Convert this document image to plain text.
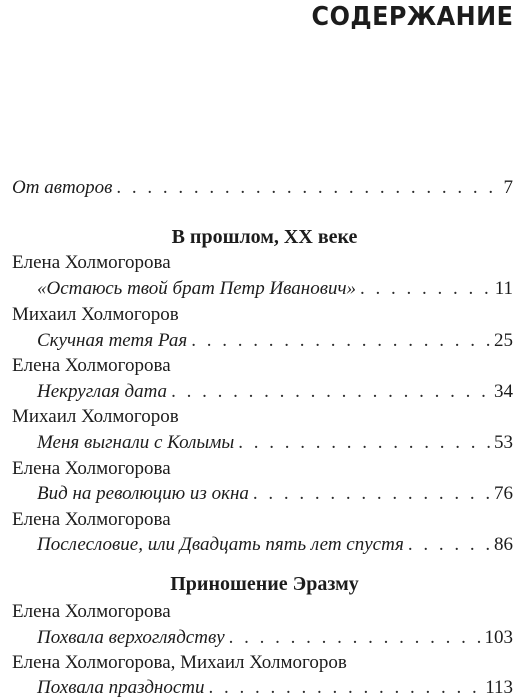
СОДЕРЖАНИЕ
От авторов . . .	7
В прошлом, ХХ веке
Елена Холмогорова
«Остаюсь твой брат Петр Иванович» . . .	11
Михаил Холмогоров
Скучная тетя Рая . . .	25
Елена Холмогорова
Некруглая дата . . .	34
Михаил Холмогоров
Меня выгнали с Колымы . . .	53
Елена Холмогорова
Вид на революцию из окна . . .	76
Елена Холмогорова
Послесловие, или Двадцать пять лет спустя . . .	86
Приношение Эразму
Елена Холмогорова
Похвала верхоглядству . . .	103
Елена Холмогорова, Михаил Холмогоров
Похвала праздности . . .	113
